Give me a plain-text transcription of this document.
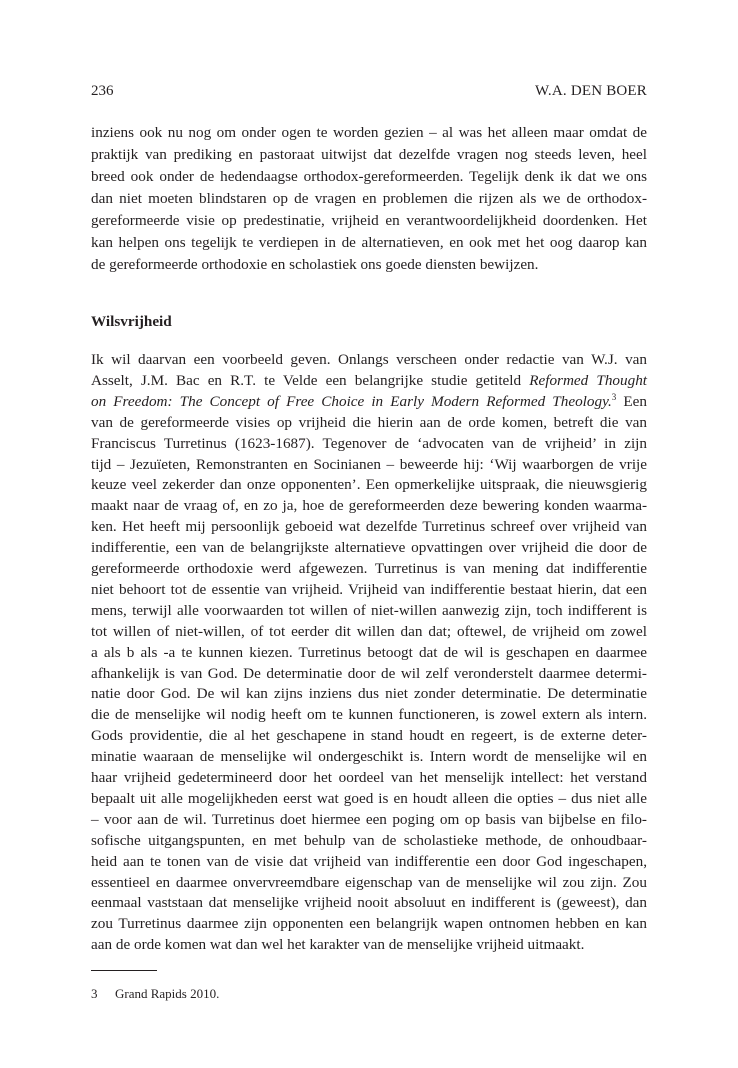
236	W.A. DEN BOER
inziens ook nu nog om onder ogen te worden gezien – al was het alleen maar omdat de
praktijk van prediking en pastoraat uitwijst dat dezelfde vragen nog steeds leven, heel
breed ook onder de hedendaagse orthodox-gereformeerden. Tegelijk denk ik dat we ons
dan niet moeten blindstaren op de vragen en problemen die rijzen als we de orthodox-
gereformeerde visie op predestinatie, vrijheid en verantwoordelijkheid doordenken. Het
kan helpen ons tegelijk te verdiepen in de alternatieven, en ook met het oog daarop kan
de gereformeerde orthodoxie en scholastiek ons goede diensten bewijzen.
Wilsvrijheid
Ik wil daarvan een voorbeeld geven. Onlangs verscheen onder redactie van W.J. van
Asselt, J.M. Bac en R.T. te Velde een belangrijke studie getiteld Reformed Thought
on Freedom: The Concept of Free Choice in Early Modern Reformed Theology.$^3$ Een
van de gereformeerde visies op vrijheid die hierin aan de orde komen, betreft die van
Franciscus Turretinus (1623-1687). Tegenover de ‘advocaten van de vrijheid’ in zijn
tijd – Jezuïeten, Remonstranten en Socinianen – beweerde hij: ‘Wij waarborgen de vrije
keuze veel zekerder dan onze opponenten’. Een opmerkelijke uitspraak, die nieuwsgierig
maakt naar de vraag of, en zo ja, hoe de gereformeerden deze bewering konden waarma-
ken. Het heeft mij persoonlijk geboeid wat dezelfde Turretinus schreef over vrijheid van
indifferentie, een van de belangrijkste alternatieve opvattingen over vrijheid die door de
gereformeerde orthodoxie werd afgewezen. Turretinus is van mening dat indifferentie
niet behoort tot de essentie van vrijheid. Vrijheid van indifferentie bestaat hierin, dat een
mens, terwijl alle voorwaarden tot willen of niet-willen aanwezig zijn, toch indifferent is
tot willen of niet-willen, of tot eerder dit willen dan dat; oftewel, de vrijheid om zowel
a als b als -a te kunnen kiezen. Turretinus betoogt dat de wil is geschapen en daarmee
afhankelijk is van God. De determinatie door de wil zelf veronderstelt daarmee determi-
natie door God. De wil kan zijns inziens dus niet zonder determinatie. De determinatie
die de menselijke wil nodig heeft om te kunnen functioneren, is zowel extern als intern.
Gods providentie, die al het geschapene in stand houdt en regeert, is de externe deter-
minatie waaraan de menselijke wil ondergeschikt is. Intern wordt de menselijke wil en
haar vrijheid gedetermineerd door het oordeel van het menselijk intellect: het verstand
bepaalt uit alle mogelijkheden eerst wat goed is en houdt alleen die opties – dus niet alle
– voor aan de wil. Turretinus doet hiermee een poging om op basis van bijbelse en filo-
sofische uitgangspunten, en met behulp van de scholastieke methode, de onhoudbaar-
heid aan te tonen van de visie dat vrijheid van indifferentie een door God ingeschapen,
essentieel en daarmee onvervreemdbare eigenschap van de menselijke wil zou zijn. Zou
eenmaal vaststaan dat menselijke vrijheid nooit absoluut en indifferent is (geweest), dan
zou Turretinus daarmee zijn opponenten een belangrijk wapen ontnomen hebben en kan
aan de orde komen wat dan wel het karakter van de menselijke vrijheid uitmaakt.
3 Grand Rapids 2010.
